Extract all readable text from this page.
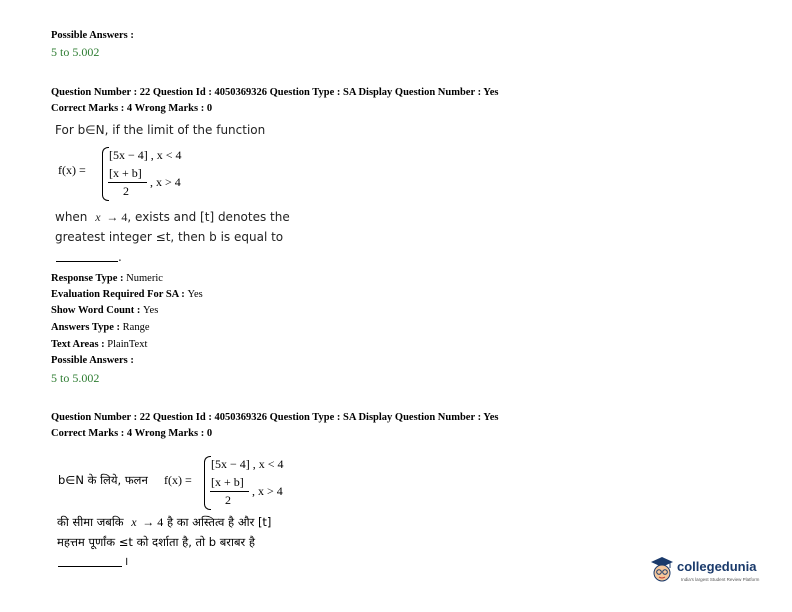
Possible Answers :
5 to 5.002
Question Number : 22 Question Id : 4050369326 Question Type : SA Display Question Number : Yes
Correct Marks : 4 Wrong Marks : 0
For b∈N, if the limit of the function
f(x) =
[5x − 4] , x < 4
[x + b]
2
, x > 4
when x → 4, exists and [t] denotes the
greatest integer ≤t, then b is equal to
.
Response Type : Numeric
Evaluation Required For SA : Yes
Show Word Count : Yes
Answers Type : Range
Text Areas : PlainText
Possible Answers :
5 to 5.002
Question Number : 22 Question Id : 4050369326 Question Type : SA Display Question Number : Yes
Correct Marks : 4 Wrong Marks : 0
b∈N के लिये, फलन f(x) =
[5x − 4] , x < 4
[x + b]
2
, x > 4
की सीमा जबकि x → 4 है का अस्तित्व है और [t]
महत्तम पूर्णांक ≤t को दर्शाता है, तो b बराबर है
।	collegedunia
India's largest Student Review Platform
